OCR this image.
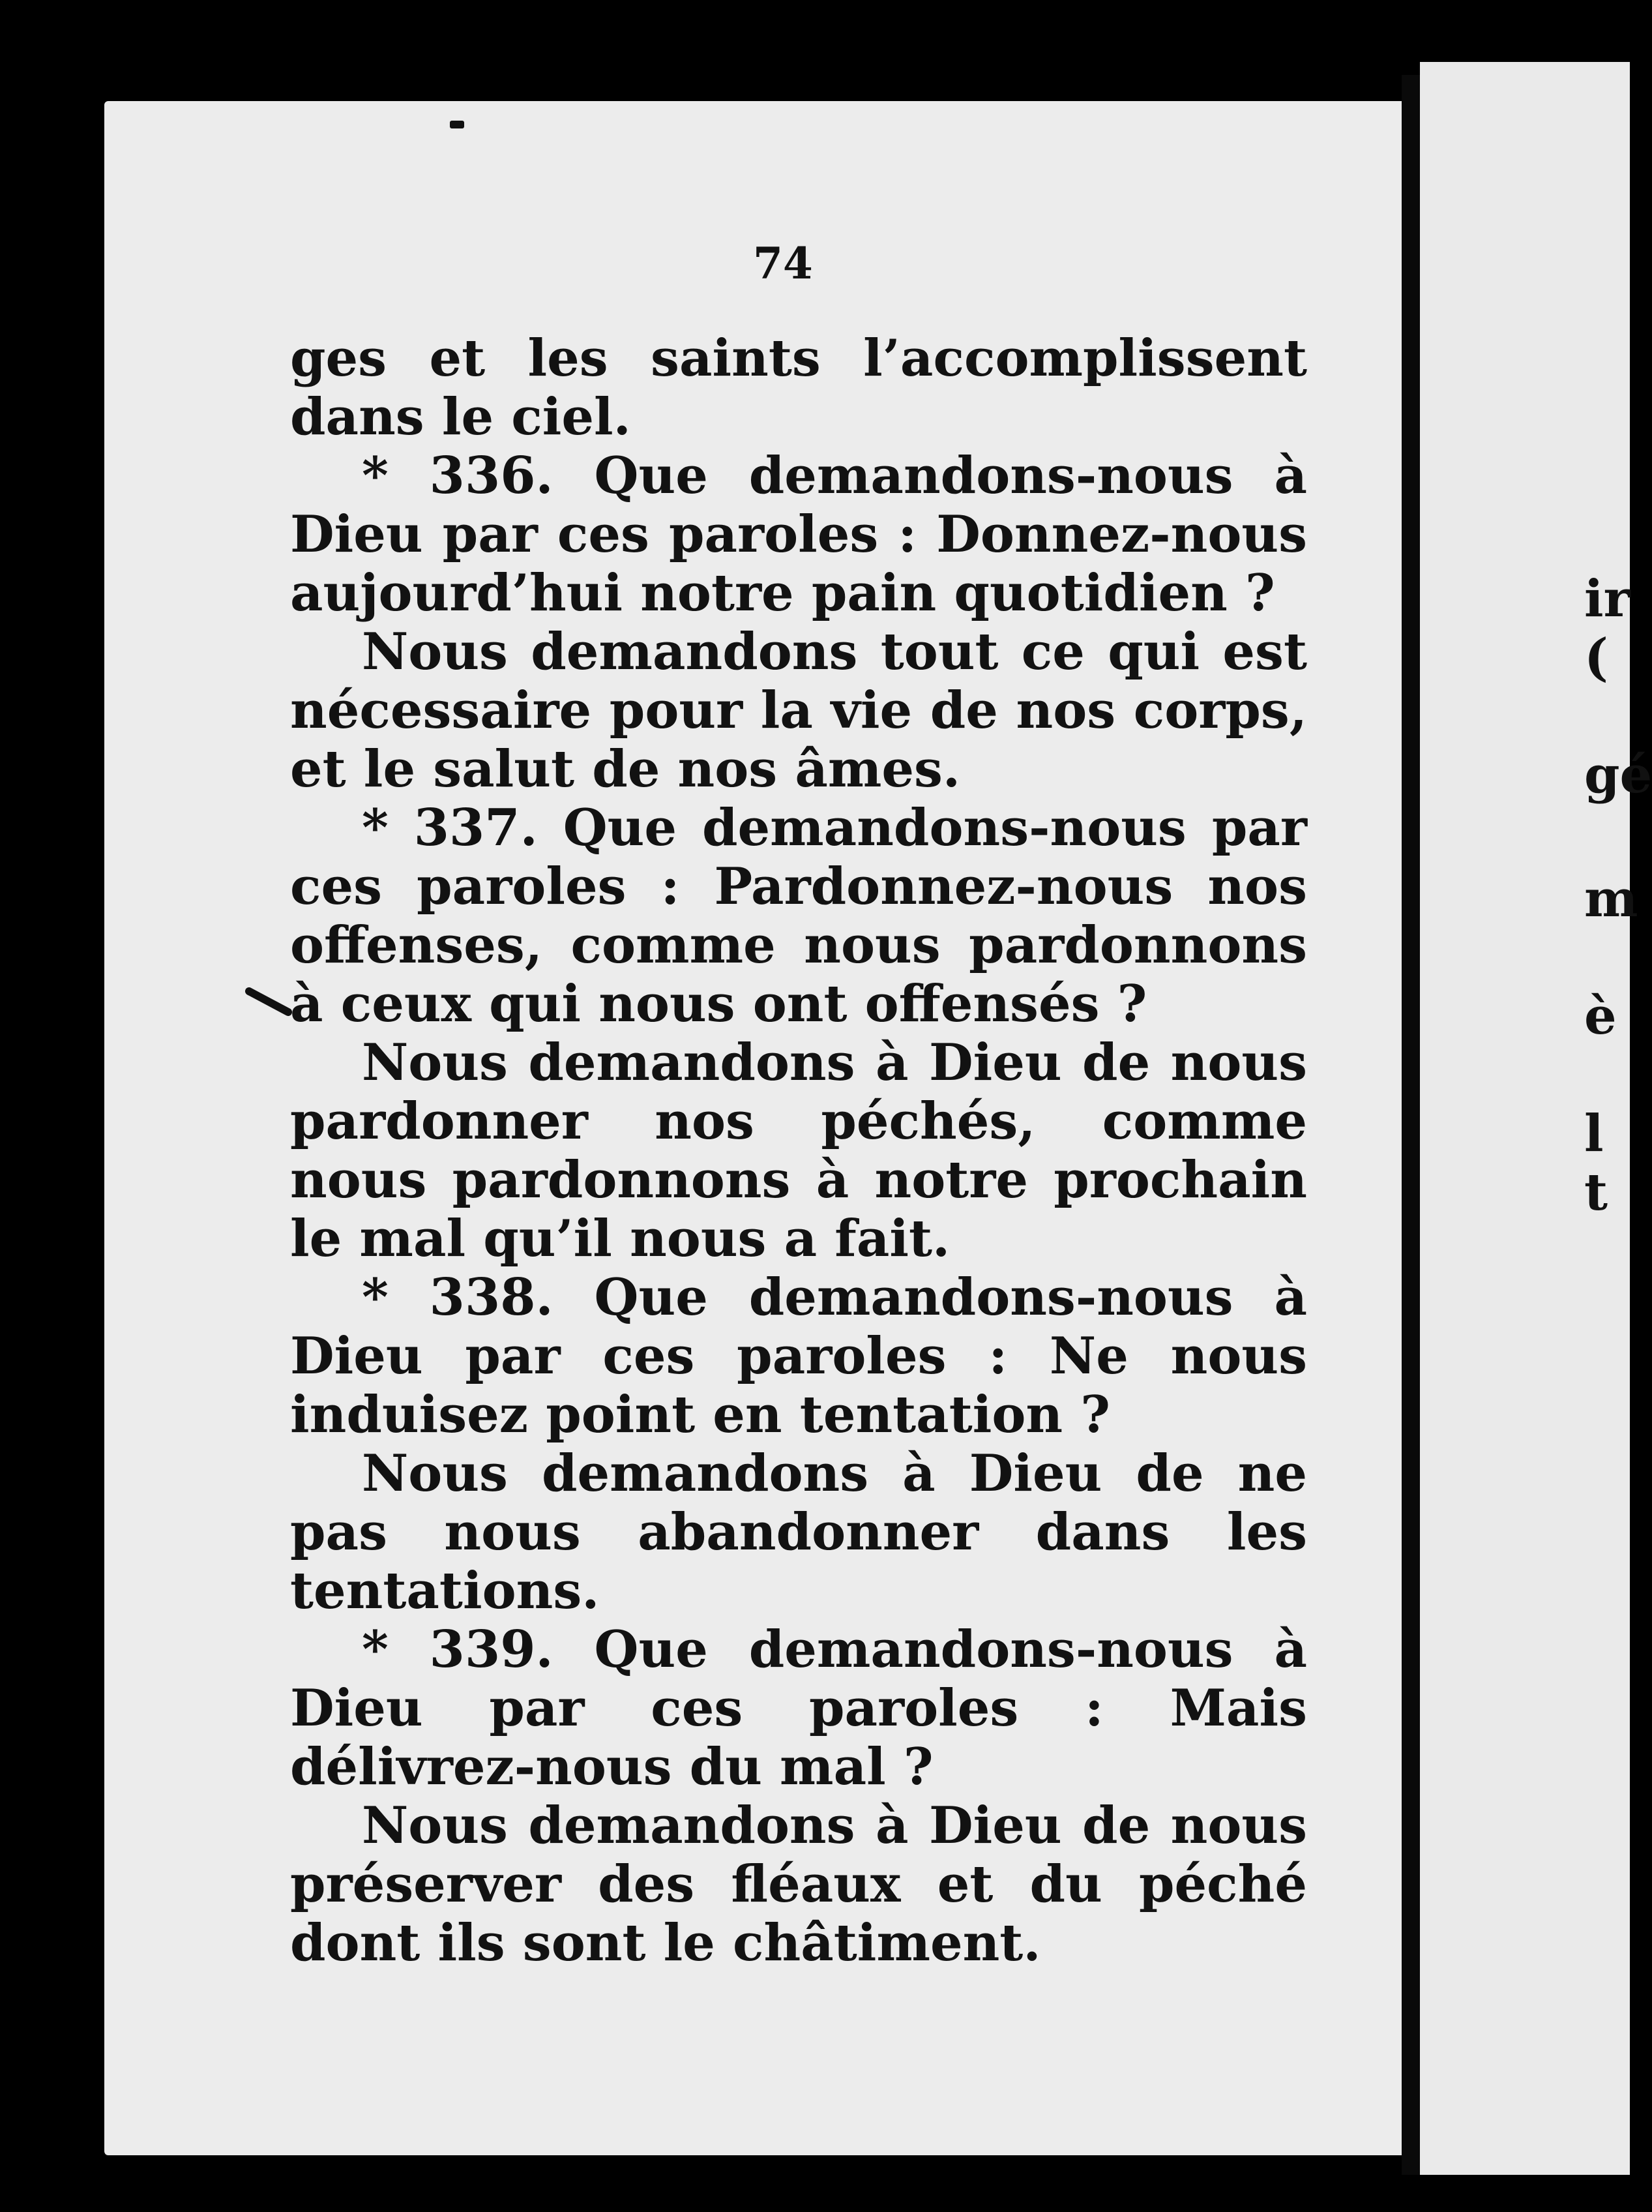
74

ges et les saints l’accomplissent dans le ciel.

* 336. Que demandons-nous à Dieu par ces paroles : Donnez-nous aujourd’hui notre pain quotidien ?

Nous demandons tout ce qui est nécessaire pour la vie de nos corps, et le salut de nos âmes.

* 337. Que demandons-nous par ces paroles : Pardonnez-nous nos offenses, comme nous pardonnons à ceux qui nous ont offensés ?

Nous demandons à Dieu de nous pardonner nos péchés, comme nous pardonnons à notre prochain le mal qu’il nous a fait.

* 338. Que demandons-nous à Dieu par ces paroles : Ne nous induisez point en tentation ?

Nous demandons à Dieu de ne pas nous abandonner dans les tentations.

* 339. Que demandons-nous à Dieu par ces paroles : Mais délivrez-nous du mal ?

Nous demandons à Dieu de nous préserver des fléaux et du péché dont ils sont le châtiment.

ir
(
gé
m
è
l
t
